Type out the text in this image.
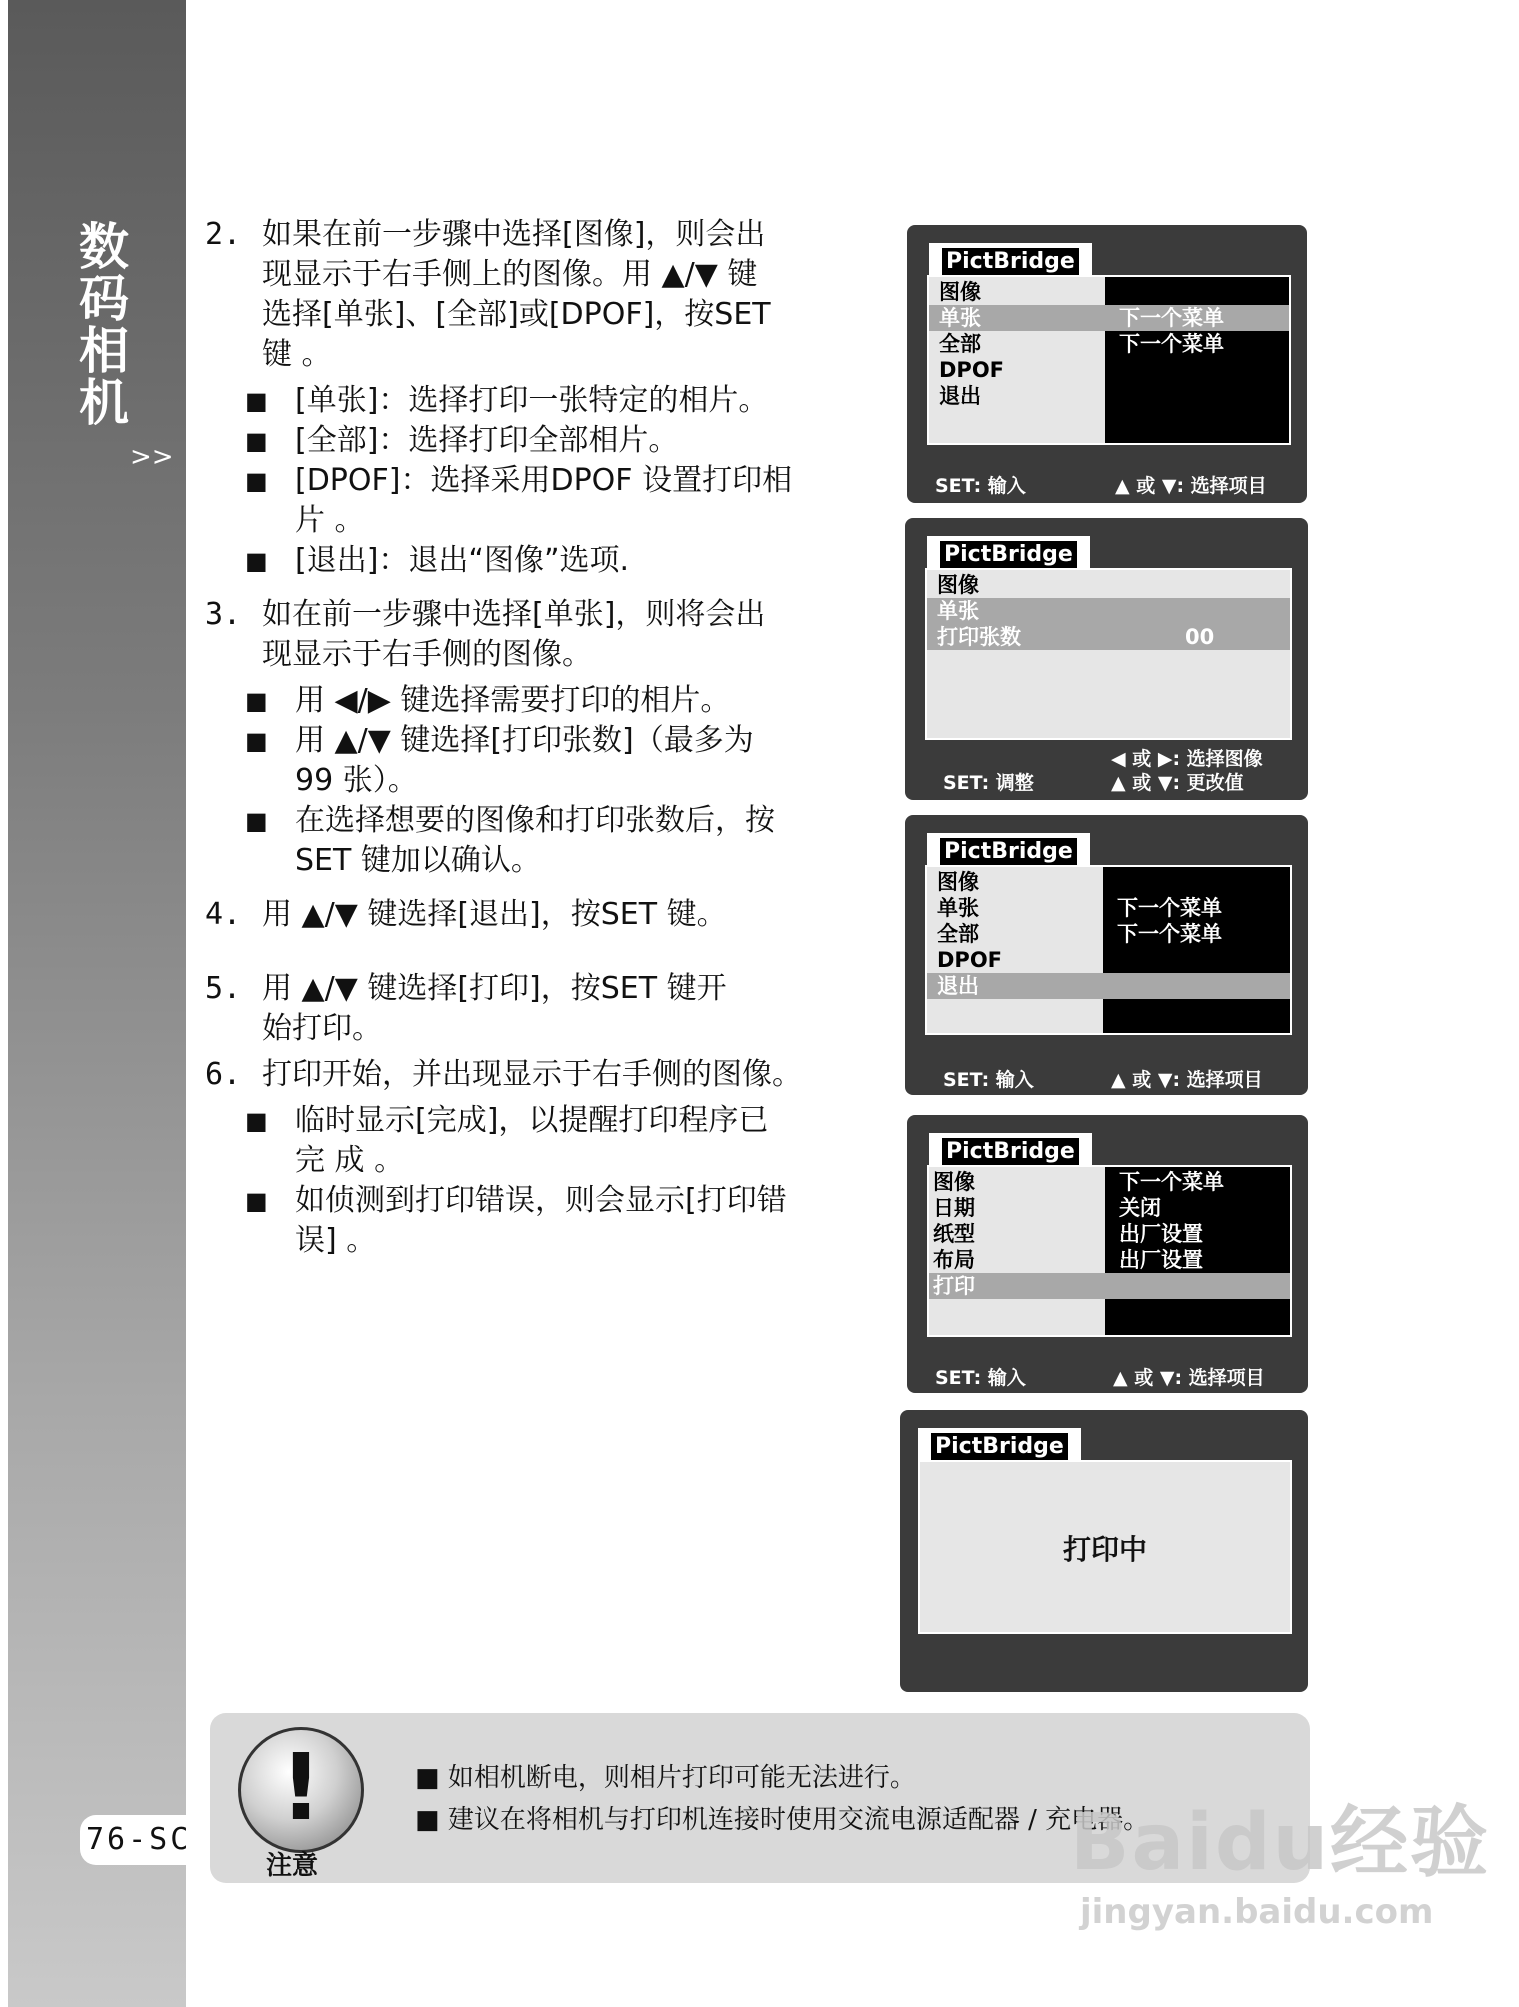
数码相机
>>
76-SC
2. 如果在前一步骤中选择[图像]，则会出
现显示于右手侧上的图像。用 ▲/▼ 键
选择[单张]、[全部]或[DPOF]，按SET
键 。
■ [单张]：选择打印一张特定的相片。
■ [全部]：选择打印全部相片。
■ [DPOF]：选择采用DPOF 设置打印相
片 。
■ [退出]：退出“图像”选项.
3. 如在前一步骤中选择[单张]，则将会出
现显示于右手侧的图像。
■ 用 ◀/▶ 键选择需要打印的相片。
■ 用 ▲/▼ 键选择[打印张数]（最多为
99 张）。
■ 在选择想要的图像和打印张数后，按
SET 键加以确认。
4. 用 ▲/▼ 键选择[退出]，按SET 键。
5. 用 ▲/▼ 键选择[打印]，按SET 键开
始打印。
6. 打印开始，并出现显示于右手侧的图像。
■ 临时显示[完成]，以提醒打印程序已
完 成 。
■ 如侦测到打印错误，则会显示[打印错
误] 。
PictBridge
图像
单张	下一个菜单
全部	下一个菜单
DPOF
退出
SET: 输入	▲ 或 ▼: 选择项目
PictBridge
图像
单张
打印张数	00
SET: 调整
◀ 或 ▶: 选择图像
▲ 或 ▼: 更改值
PictBridge
图像
单张	下一个菜单
全部	下一个菜单
DPOF
退出
SET: 输入	▲ 或 ▼: 选择项目
PictBridge
图像	下一个菜单
日期	关闭
纸型	出厂设置
布局	出厂设置
打印
SET: 输入	▲ 或 ▼: 选择项目
PictBridge
打印中
!
注意
■ 如相机断电，则相片打印可能无法进行。
■ 建议在将相机与打印机连接时使用交流电源适配器 / 充电器。
Baidu经验
jingyan.baidu.com
